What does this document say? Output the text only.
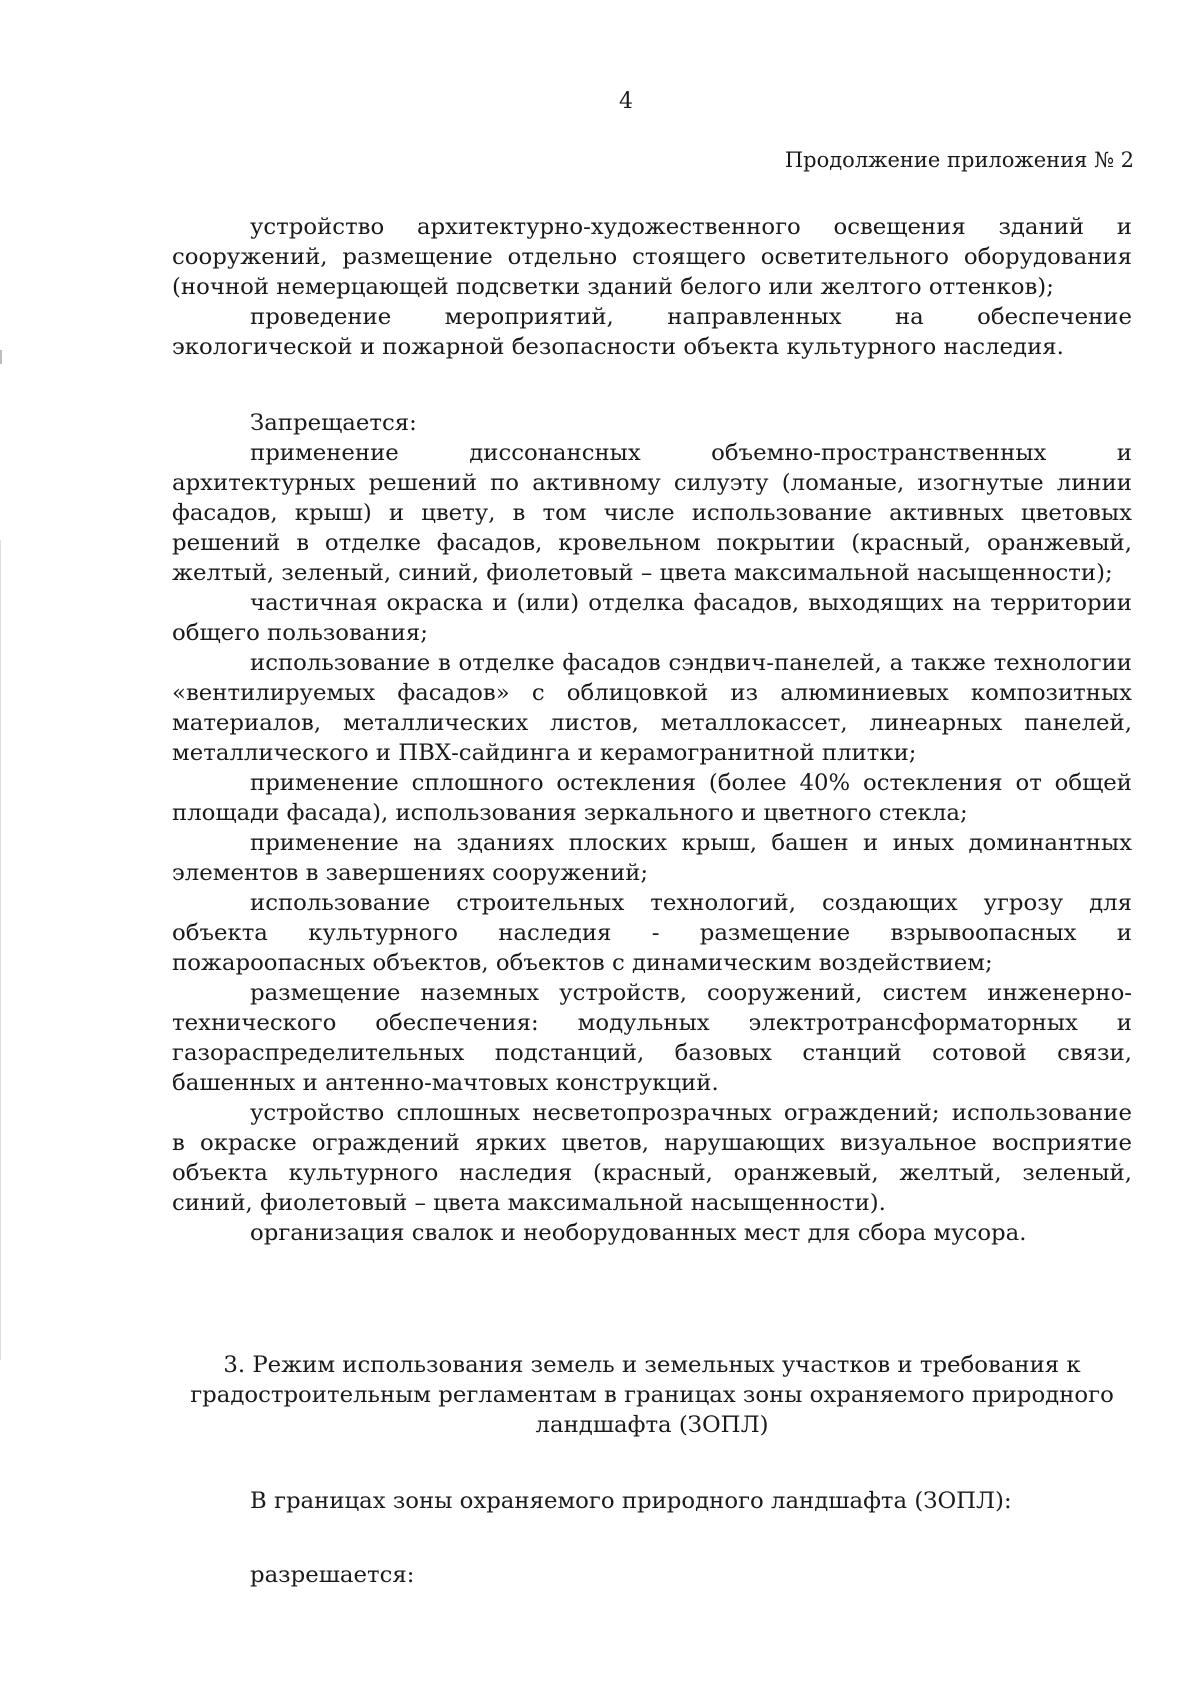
4
Продолжение приложения № 2

устройство архитектурно-художественного освещения зданий и сооружений, размещение отдельно стоящего осветительного оборудования (ночной немерцающей подсветки зданий белого или желтого оттенков);

проведение мероприятий, направленных на обеспечение экологической и пожарной безопасности объекта культурного наследия.

Запрещается:

применение диссонансных объемно-пространственных и архитектурных решений по активному силуэту (ломаные, изогнутые линии фасадов, крыш) и цвету, в том числе использование активных цветовых решений в отделке фасадов, кровельном покрытии (красный, оранжевый, желтый, зеленый, синий, фиолетовый – цвета максимальной насыщенности);

частичная окраска и (или) отделка фасадов, выходящих на территории общего пользования;

использование в отделке фасадов сэндвич-панелей, а также технологии «вентилируемых фасадов» с облицовкой из алюминиевых композитных материалов, металлических листов, металлокассет, линеарных панелей, металлического и ПВХ-сайдинга и керамогранитной плитки;

применение сплошного остекления (более 40% остекления от общей площади фасада), использования зеркального и цветного стекла;

применение на зданиях плоских крыш, башен и иных доминантных элементов в завершениях сооружений;

использование строительных технологий, создающих угрозу для объекта культурного наследия - размещение взрывоопасных и пожароопасных объектов, объектов с динамическим воздействием;

размещение наземных устройств, сооружений, систем инженерно-технического обеспечения: модульных электротрансформаторных и газораспределительных подстанций, базовых станций сотовой связи, башенных и антенно-мачтовых конструкций.

устройство сплошных несветопрозрачных ограждений; использование в окраске ограждений ярких цветов, нарушающих визуальное восприятие объекта культурного наследия (красный, оранжевый, желтый, зеленый, синий, фиолетовый – цвета максимальной насыщенности).

организация свалок и необорудованных мест для сбора мусора.

3. Режим использования земель и земельных участков и требования к градостроительным регламентам в границах зоны охраняемого природного ландшафта (ЗОПЛ)

В границах зоны охраняемого природного ландшафта (ЗОПЛ):

разрешается:
